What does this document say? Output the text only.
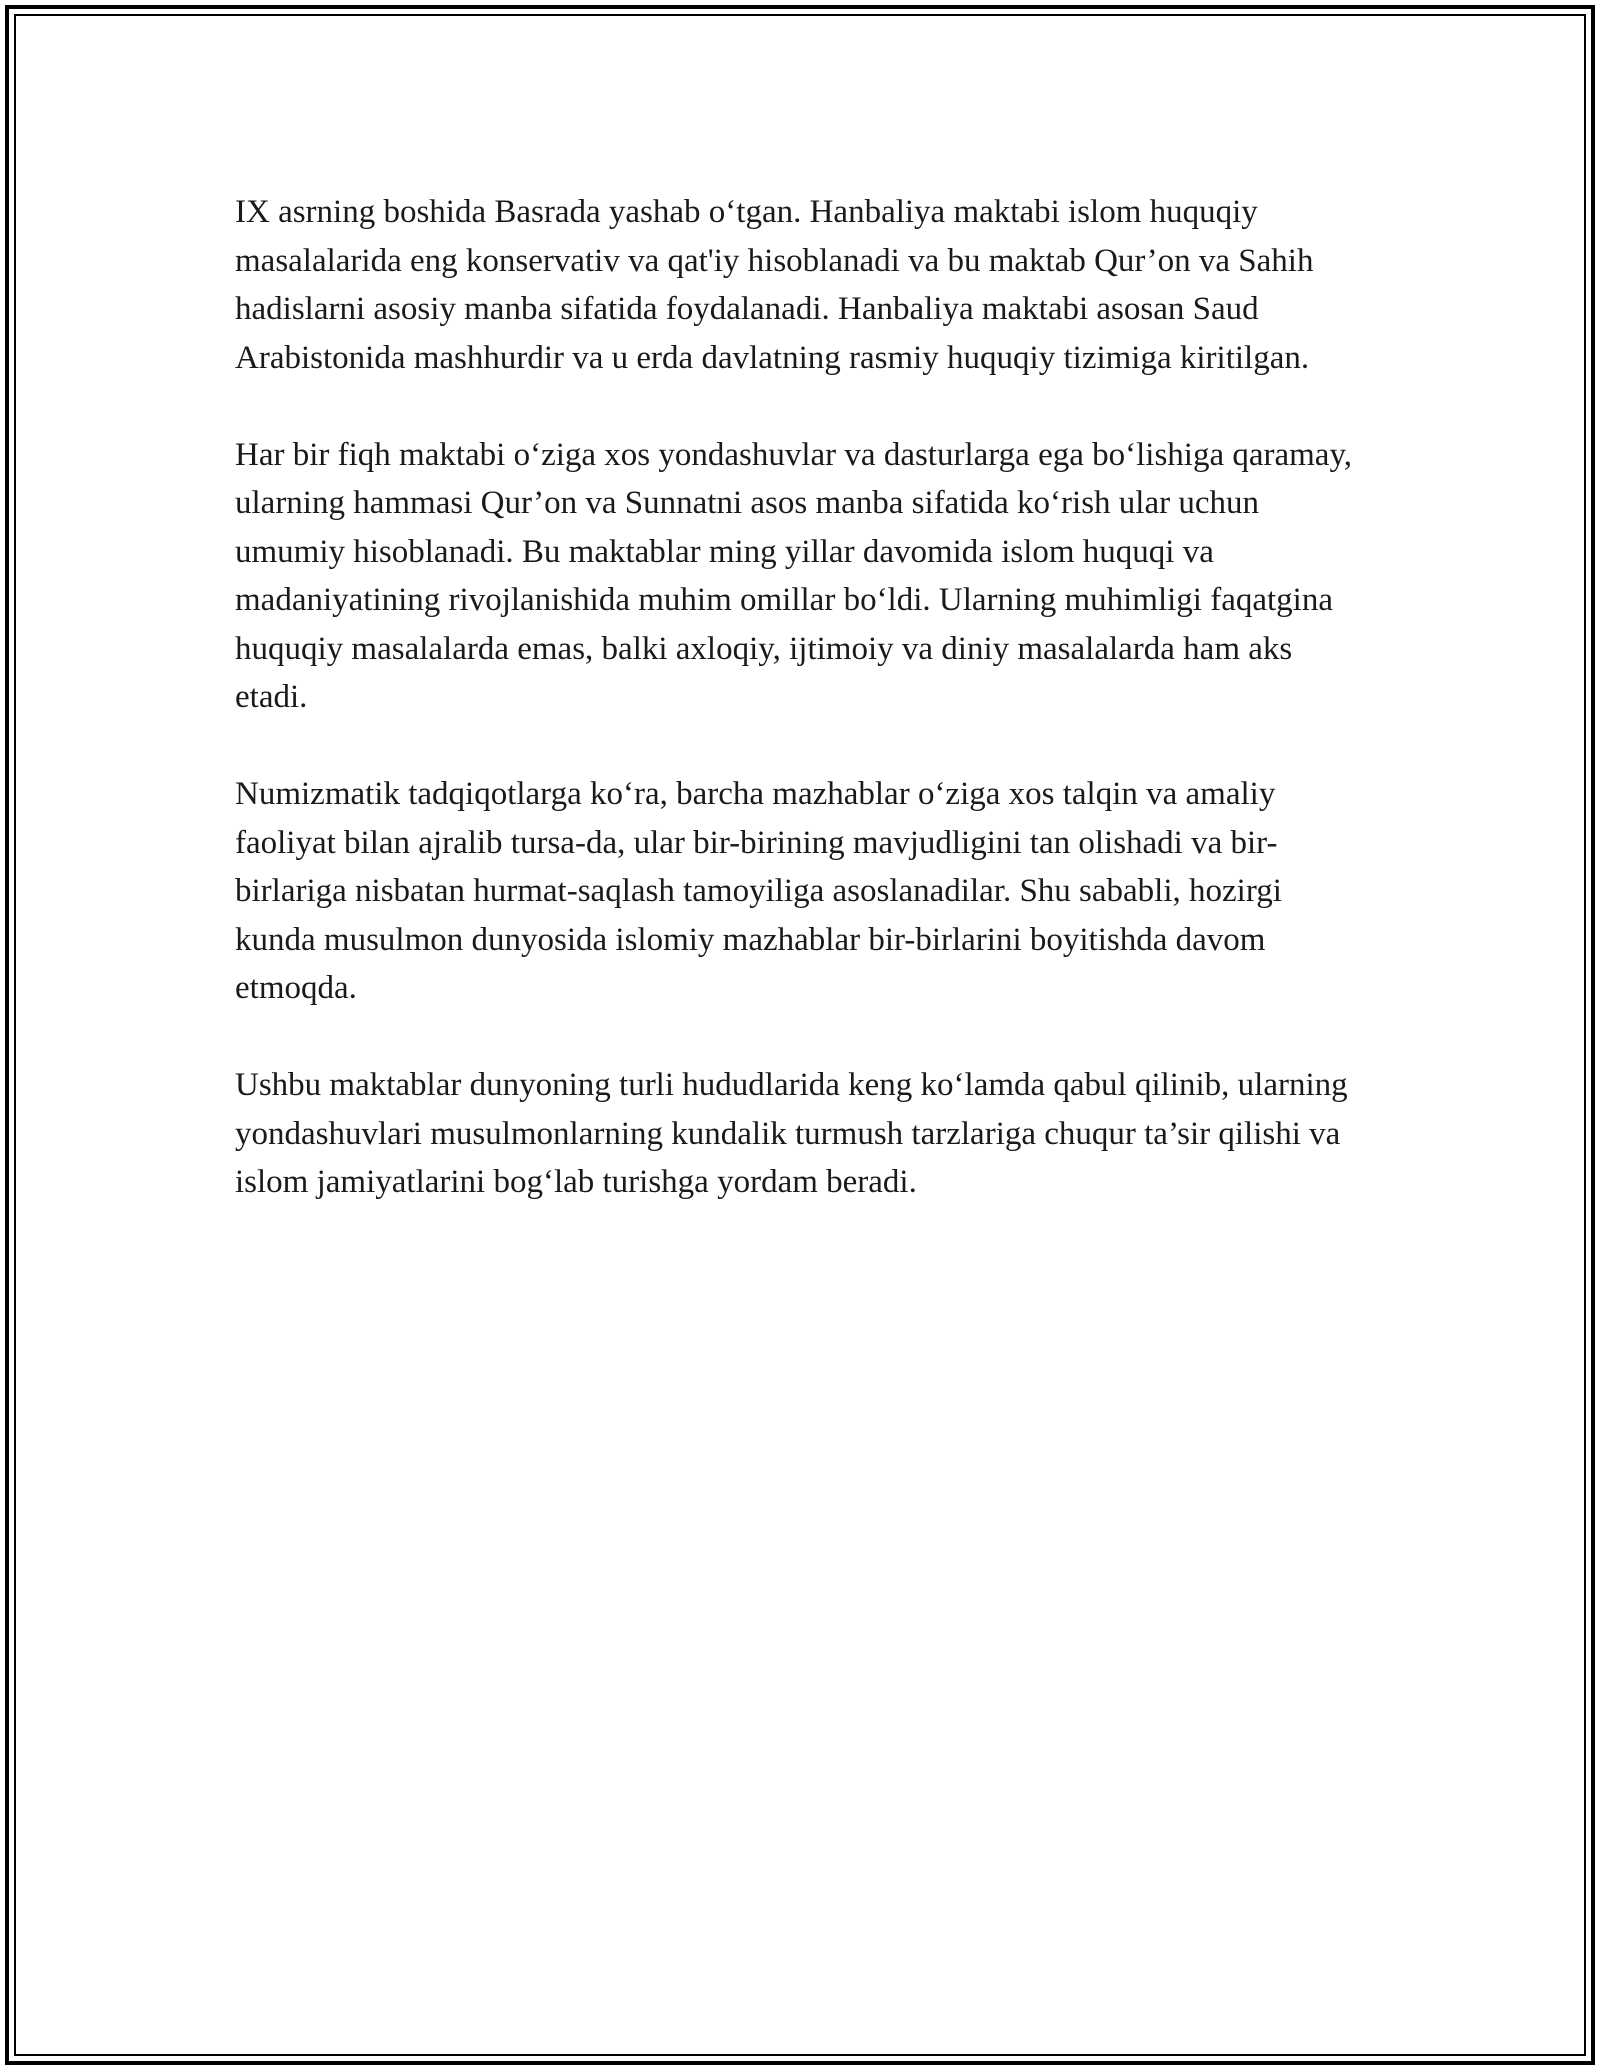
IX asrning boshida Basrada yashab o‘tgan. Hanbaliya maktabi islom huquqiy masalalarida eng konservativ va qat'iy hisoblanadi va bu maktab Qur’on va Sahih hadislarni asosiy manba sifatida foydalanadi. Hanbaliya maktabi asosan Saud Arabistonida mashhurdir va u erda davlatning rasmiy huquqiy tizimiga kiritilgan.

Har bir fiqh maktabi o‘ziga xos yondashuvlar va dasturlarga ega bo‘lishiga qaramay, ularning hammasi Qur’on va Sunnatni asos manba sifatida ko‘rish ular uchun umumiy hisoblanadi. Bu maktablar ming yillar davomida islom huquqi va madaniyatining rivojlanishida muhim omillar bo‘ldi. Ularning muhimligi faqatgina huquqiy masalalarda emas, balki axloqiy, ijtimoiy va diniy masalalarda ham aks etadi.

Numizmatik tadqiqotlarga ko‘ra, barcha mazhablar o‘ziga xos talqin va amaliy faoliyat bilan ajralib tursa-da, ular bir-birining mavjudligini tan olishadi va bir-birlariga nisbatan hurmat-saqlash tamoyiliga asoslanadilar. Shu sababli, hozirgi kunda musulmon dunyosida islomiy mazhablar bir-birlarini boyitishda davom etmoqda.

Ushbu maktablar dunyoning turli hududlarida keng ko‘lamda qabul qilinib, ularning yondashuvlari musulmonlarning kundalik turmush tarzlariga chuqur ta’sir qilishi va islom jamiyatlarini bog‘lab turishga yordam beradi.
